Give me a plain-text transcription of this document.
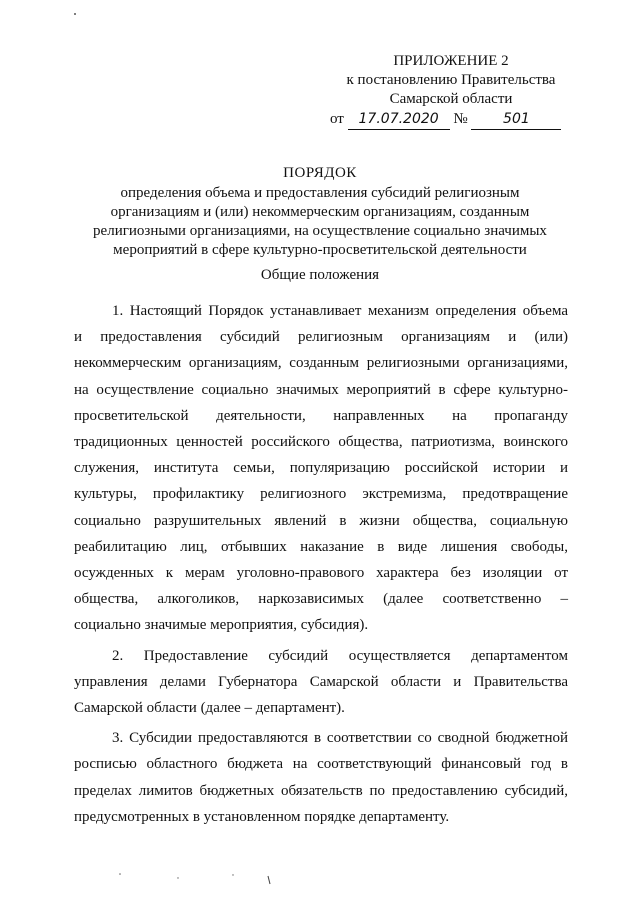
ПРИЛОЖЕНИЕ 2
к постановлению Правительства
Самарской области
от 17.07.2020 №	501
ПОРЯДОК
определения объема и предоставления субсидий религиозным
организациям и (или) некоммерческим организациям, созданным
религиозными организациями, на осуществление социально значимых
мероприятий в сфере культурно-просветительской деятельности
Общие положения

1. Настоящий Порядок устанавливает механизм определения объема
и предоставления субсидий религиозным организациям и (или)
некоммерческим организациям, созданным религиозными организациями,
на осуществление социально значимых мероприятий в сфере культурно-
просветительской деятельности, направленных на пропаганду
традиционных ценностей российского общества, патриотизма, воинского
служения, института семьи, популяризацию российской истории и
культуры, профилактику религиозного экстремизма, предотвращение
социально разрушительных явлений в жизни общества, социальную
реабилитацию лиц, отбывших наказание в виде лишения свободы,
осужденных к мерам уголовно-правового характера без изоляции от
общества, алкоголиков, наркозависимых (далее соответственно –
социально значимые мероприятия, субсидия).

2. Предоставление субсидий осуществляется департаментом
управления делами Губернатора Самарской области и Правительства
Самарской области (далее – департамент).

3. Субсидии предоставляются в соответствии со сводной бюджетной
росписью областного бюджета на соответствующий финансовый год в
пределах лимитов бюджетных обязательств по предоставлению субсидий,
предусмотренных в установленном порядке департаменту.
